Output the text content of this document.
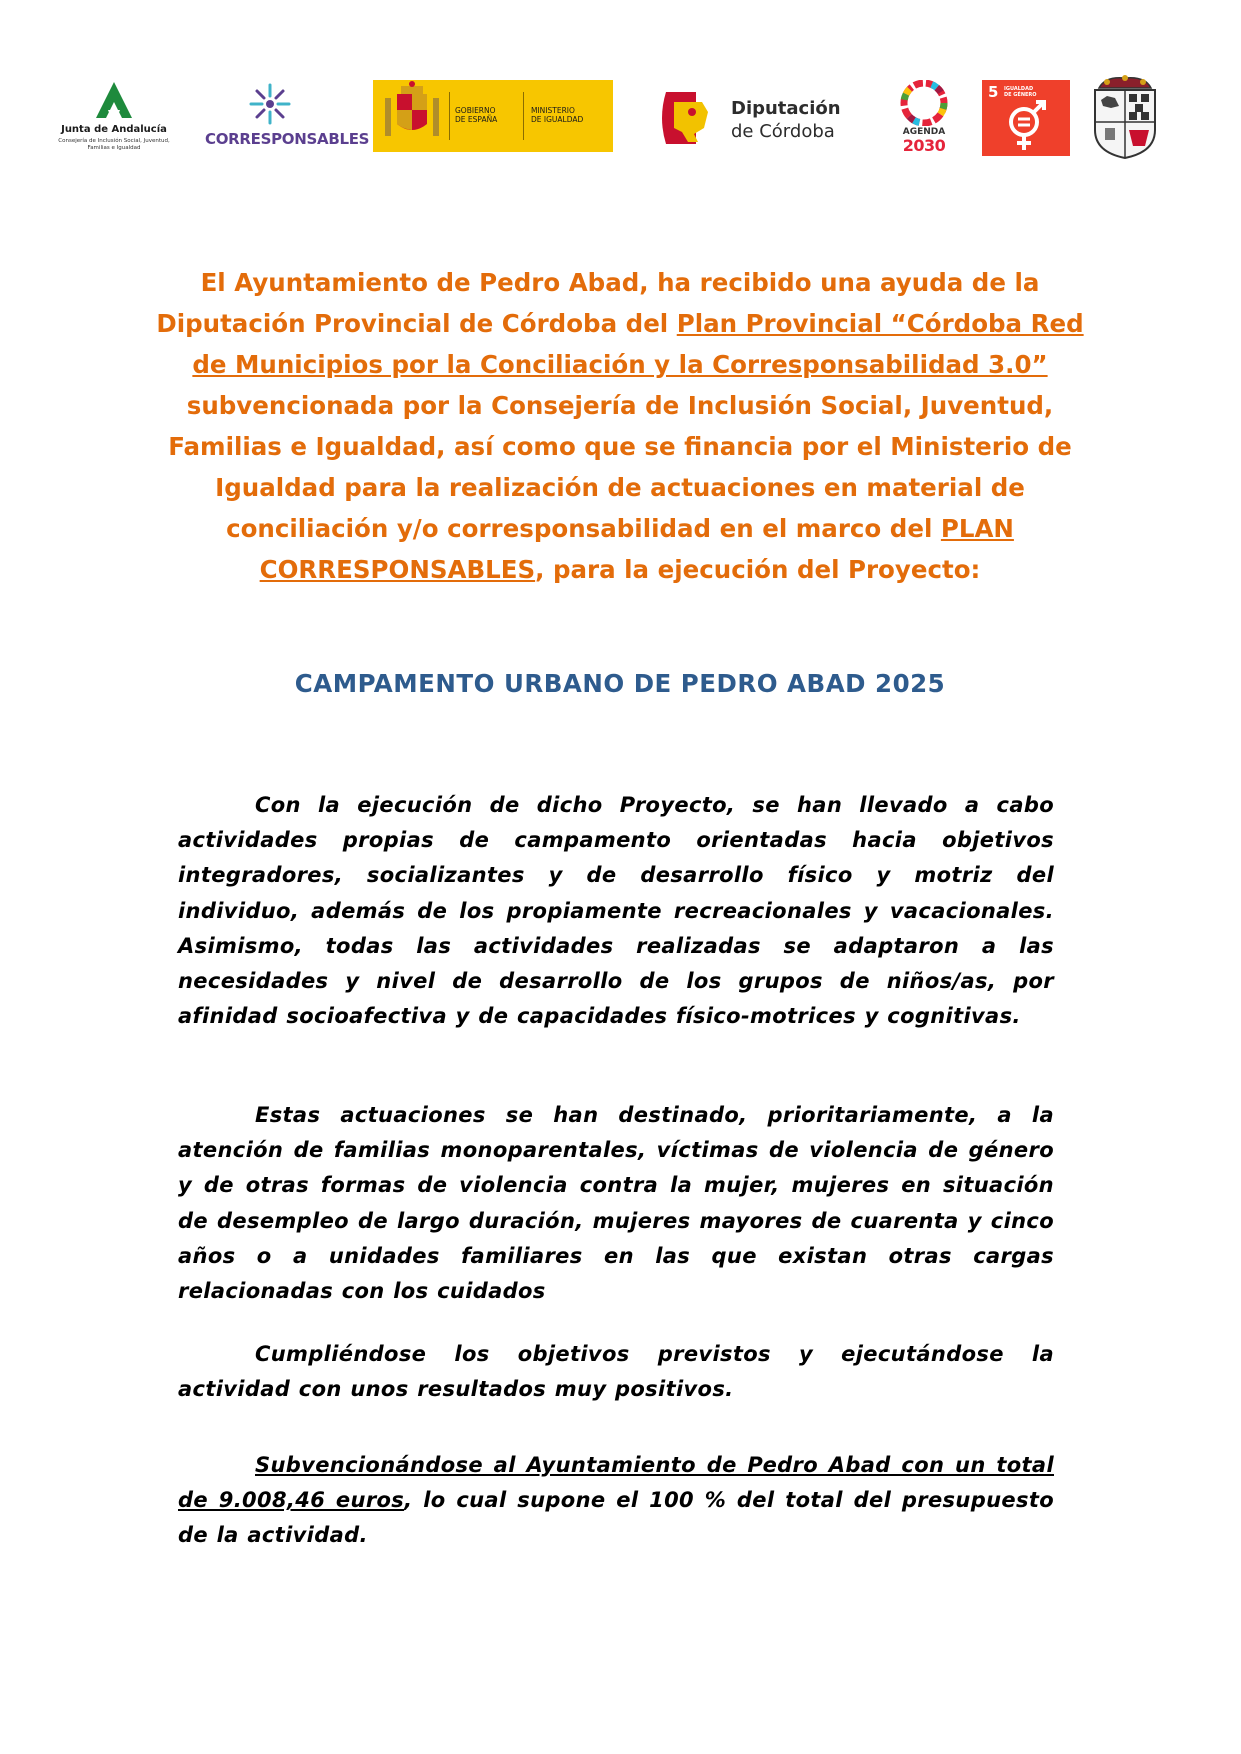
Junta de Andalucía
Consejería de Inclusión Social, Juventud, Familias e Igualdad	CORRESPONSABLES
GOBIERNO
DE ESPAÑA
MINISTERIO
DE IGUALDAD
Diputación
de Córdoba	AGENDA
2030
5 IGUALDAD
DE GÉNERO
El Ayuntamiento de Pedro Abad, ha recibido una ayuda de la Diputación Provincial de Córdoba del Plan Provincial “Córdoba Red de Municipios por la Conciliación y la Corresponsabilidad 3.0” subvencionada por la Consejería de Inclusión Social, Juventud, Familias e Igualdad, así como que se financia por el Ministerio de Igualdad para la realización de actuaciones en material de conciliación y/o corresponsabilidad en el marco del PLAN CORRESPONSABLES, para la ejecución del Proyecto:
CAMPAMENTO URBANO DE PEDRO ABAD 2025

Con la ejecución de dicho Proyecto, se han llevado a cabo actividades propias de campamento orientadas hacia objetivos integradores, socializantes y de desarrollo físico y motriz del individuo, además de los propiamente recreacionales y vacacionales. Asimismo, todas las actividades realizadas se adaptaron a las necesidades y nivel de desarrollo de los grupos de niños/as, por afinidad socioafectiva y de capacidades físico-motrices y cognitivas.

Estas actuaciones se han destinado, prioritariamente, a la atención de familias monoparentales, víctimas de violencia de género y de otras formas de violencia contra la mujer, mujeres en situación de desempleo de largo duración, mujeres mayores de cuarenta y cinco años o a unidades familiares en las que existan otras cargas relacionadas con los cuidados

Cumpliéndose los objetivos previstos y ejecutándose la actividad con unos resultados muy positivos.

Subvencionándose al Ayuntamiento de Pedro Abad con un total de 9.008,46 euros, lo cual supone el 100 % del total del presupuesto de la actividad.
